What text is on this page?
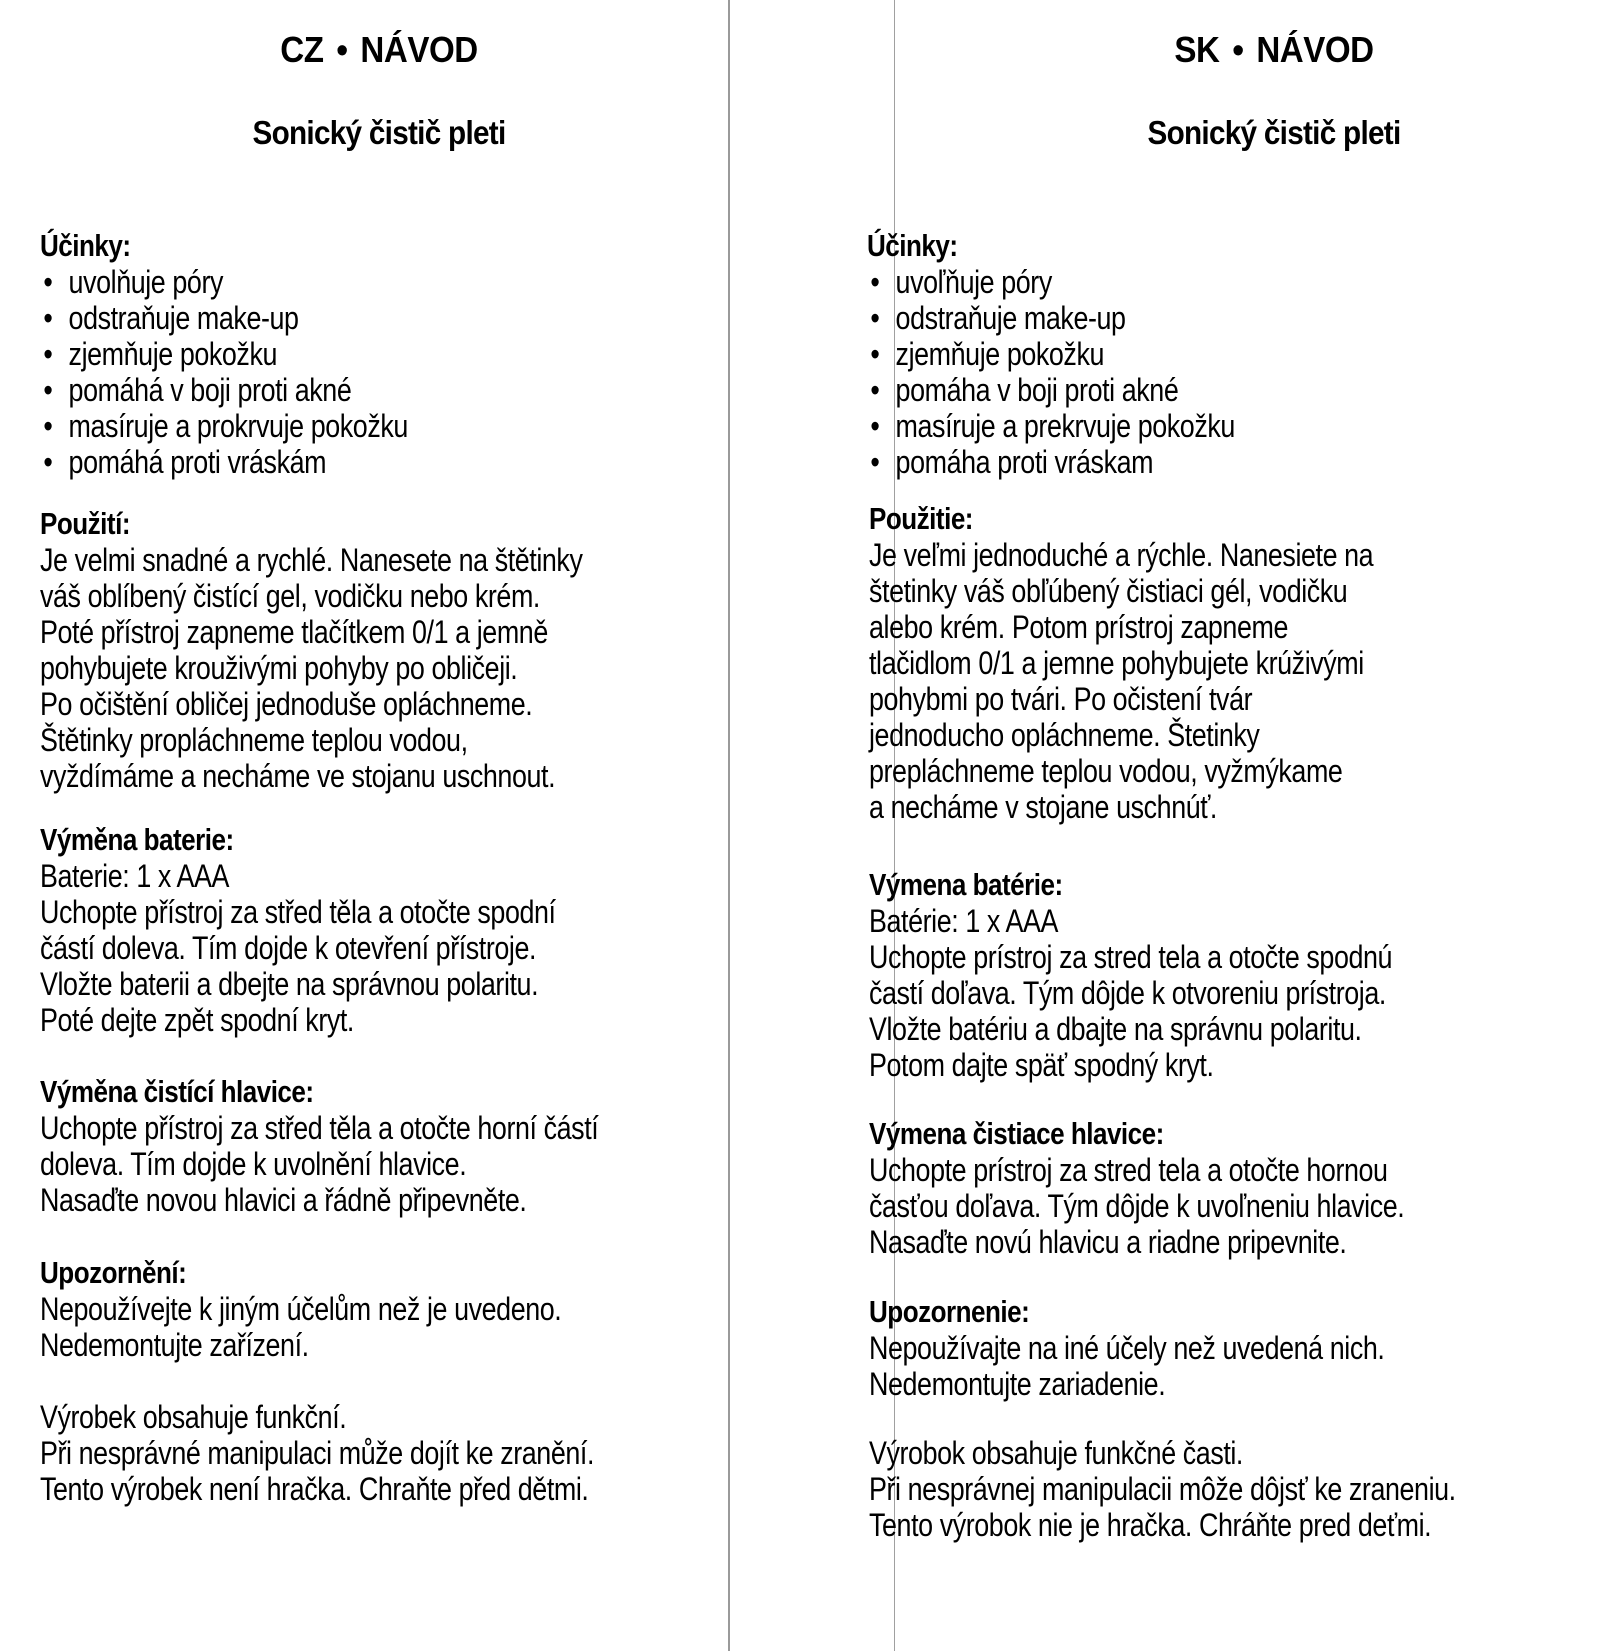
CZ • NÁVOD
Sonický čistič pleti
Účinky:
• uvolňuje póry
• odstraňuje make-up
• zjemňuje pokožku
• pomáhá v boji proti akné
• masíruje a prokrvuje pokožku
• pomáhá proti vráskám
Použití:
Je velmi snadné a rychlé. Nanesete na štětinky
váš oblíbený čistící gel, vodičku nebo krém.
Poté přístroj zapneme tlačítkem 0/1 a jemně
pohybujete krouživými pohyby po obličeji.
Po očištění obličej jednoduše opláchneme.
Štětinky propláchneme teplou vodou,
vyždímáme a necháme ve stojanu uschnout.
Výměna baterie:
Baterie: 1 x AAA
Uchopte přístroj za střed těla a otočte spodní
částí doleva. Tím dojde k otevření přístroje.
Vložte baterii a dbejte na správnou polaritu.
Poté dejte zpět spodní kryt.
Výměna čistící hlavice:
Uchopte přístroj za střed těla a otočte horní částí
doleva. Tím dojde k uvolnění hlavice.
Nasaďte novou hlavici a řádně připevněte.
Upozornění:
Nepoužívejte k jiným účelům než je uvedeno.
Nedemontujte zařízení.
Výrobek obsahuje funkční.
Při nesprávné manipulaci může dojít ke zranění.
Tento výrobek není hračka. Chraňte před dětmi.
SK • NÁVOD
Sonický čistič pleti
Účinky:
• uvoľňuje póry
• odstraňuje make-up
• zjemňuje pokožku
• pomáha v boji proti akné
• masíruje a prekrvuje pokožku
• pomáha proti vráskam
Použitie:
Je veľmi jednoduché a rýchle. Nanesiete na
štetinky váš obľúbený čistiaci gél, vodičku
alebo krém. Potom prístroj zapneme
tlačidlom 0/1 a jemne pohybujete krúživými
pohybmi po tvári. Po očistení tvár
jednoducho opláchneme. Štetinky
prepláchneme teplou vodou, vyžmýkame
a necháme v stojane uschnúť.
Výmena batérie:
Batérie: 1 x AAA
Uchopte prístroj za stred tela a otočte spodnú
častí doľava. Tým dôjde k otvoreniu prístroja.
Vložte batériu a dbajte na správnu polaritu.
Potom dajte späť spodný kryt.
Výmena čistiace hlavice:
Uchopte prístroj za stred tela a otočte hornou
časťou doľava. Tým dôjde k uvoľneniu hlavice.
Nasaďte novú hlavicu a riadne pripevnite.
Upozornenie:
Nepoužívajte na iné účely než uvedená nich.
Nedemontujte zariadenie.
Výrobok obsahuje funkčné časti.
Při nesprávnej manipulacii môže dôjsť ke zraneniu.
Tento výrobok nie je hračka. Chráňte pred deťmi.
